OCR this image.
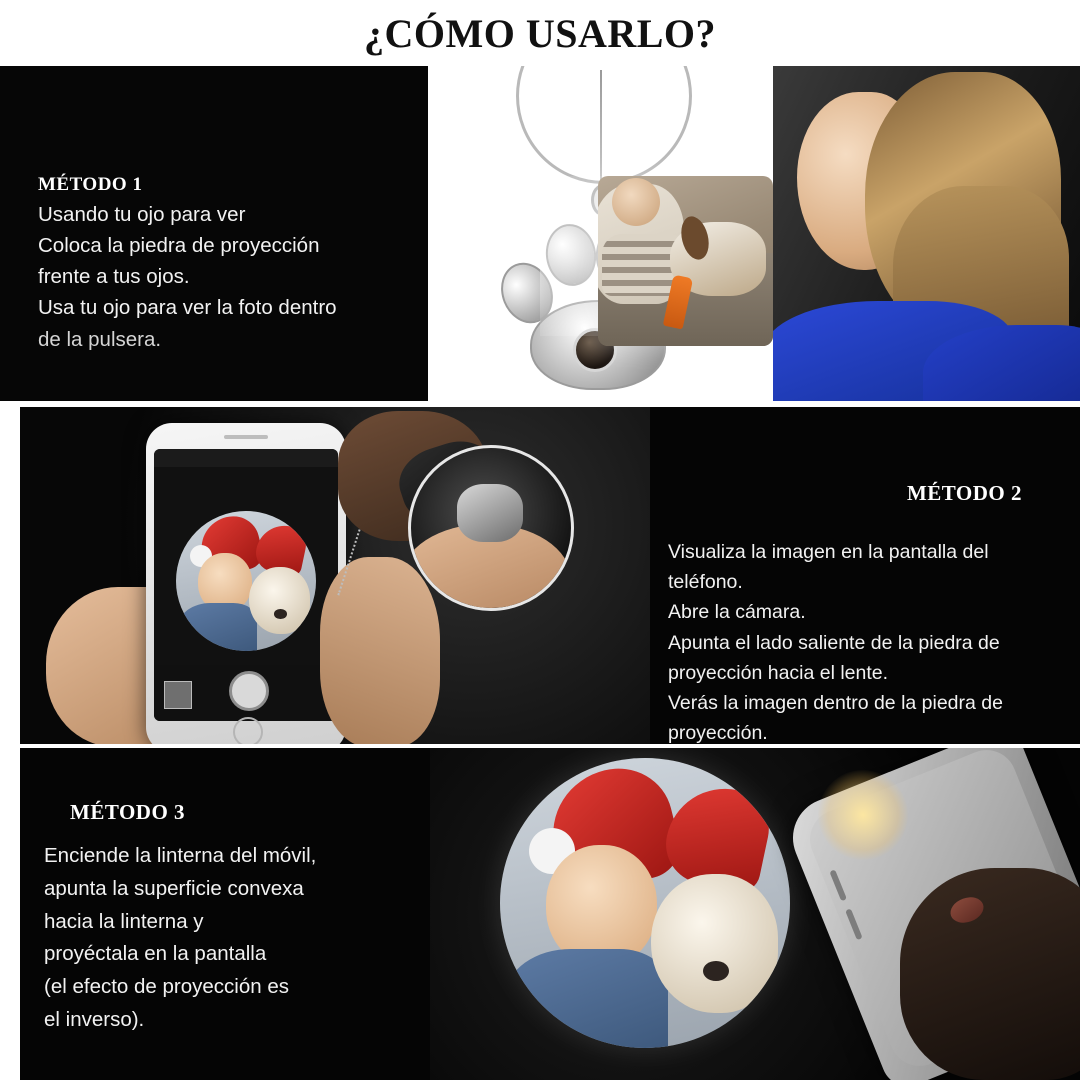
¿CÓMO USARLO?
MÉTODO 1
Usando tu ojo para ver
Coloca la piedra de proyección
frente a tus ojos.
Usa tu ojo para ver la foto dentro
de la pulsera.
MÉTODO 2
Visualiza la imagen en la pantalla del
teléfono.
Abre la cámara.
Apunta el lado saliente de la piedra de
proyección hacia el lente.
Verás la imagen dentro de la piedra de
proyección.
MÉTODO 3
Enciende la linterna del móvil,
apunta la superficie convexa
hacia la linterna y
proyéctala en la pantalla
(el efecto de proyección es
el inverso).
